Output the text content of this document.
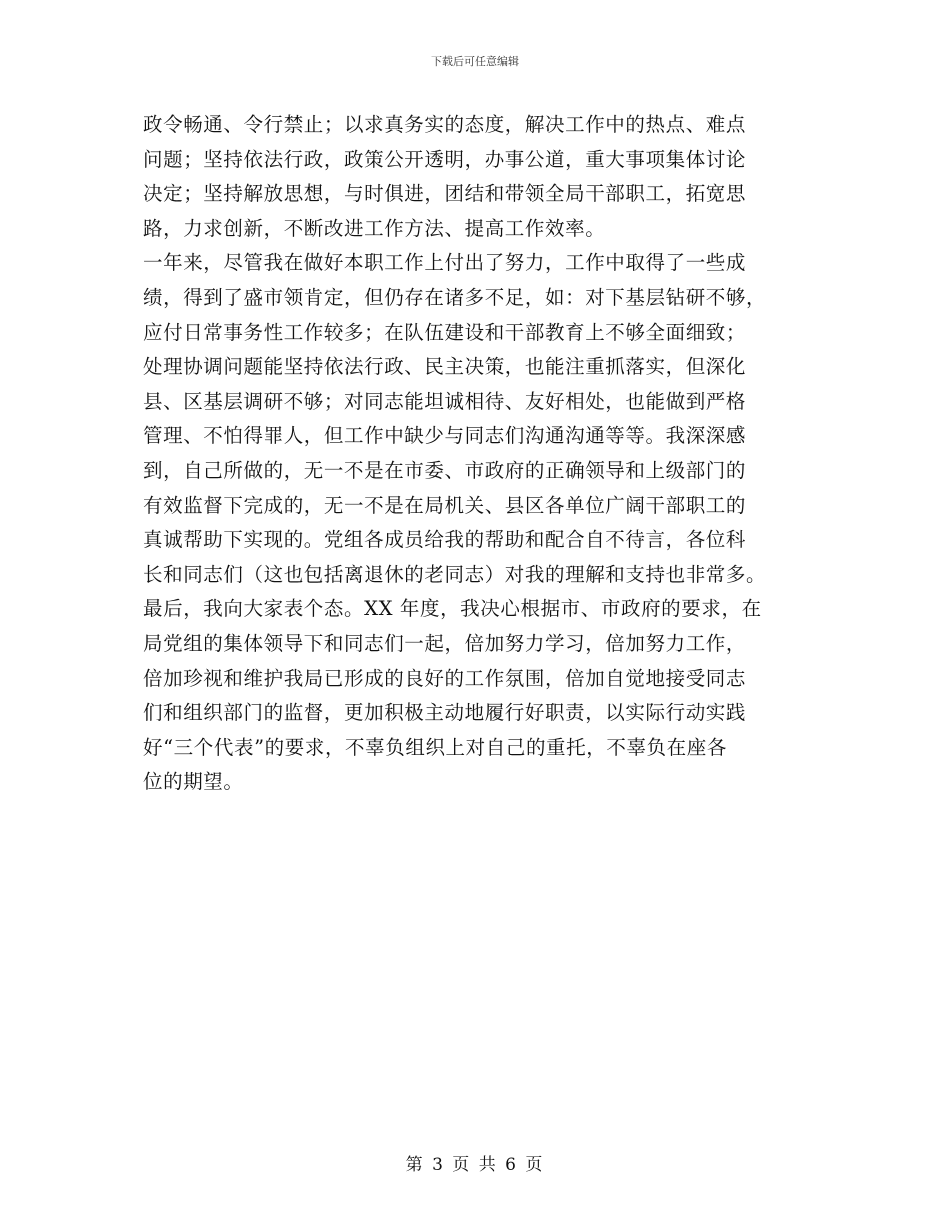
下载后可任意编辑
政令畅通、令行禁止；以求真务实的态度，解决工作中的热点、难点
问题；坚持依法行政，政策公开透明，办事公道，重大事项集体讨论
决定；坚持解放思想，与时俱进，团结和带领全局干部职工，拓宽思
路，力求创新，不断改进工作方法、提高工作效率。
一年来，尽管我在做好本职工作上付出了努力，工作中取得了一些成
绩，得到了盛市领肯定，但仍存在诸多不足，如：对下基层钻研不够，
应付日常事务性工作较多；在队伍建设和干部教育上不够全面细致；
处理协调问题能坚持依法行政、民主决策，也能注重抓落实，但深化
县、区基层调研不够；对同志能坦诚相待、友好相处，也能做到严格
管理、不怕得罪人，但工作中缺少与同志们沟通沟通等等。我深深感
到，自己所做的，无一不是在市委、市政府的正确领导和上级部门的
有效监督下完成的，无一不是在局机关、县区各单位广阔干部职工的
真诚帮助下实现的。党组各成员给我的帮助和配合自不待言，各位科
长和同志们（这也包括离退休的老同志）对我的理解和支持也非常多。
最后，我向大家表个态。XX 年度，我决心根据市、市政府的要求，在
局党组的集体领导下和同志们一起，倍加努力学习，倍加努力工作，
倍加珍视和维护我局已形成的良好的工作氛围，倍加自觉地接受同志
们和组织部门的监督，更加积极主动地履行好职责，以实际行动实践
好“三个代表”的要求，不辜负组织上对自己的重托，不辜负在座各
位的期望。
第 3 页 共 6 页
